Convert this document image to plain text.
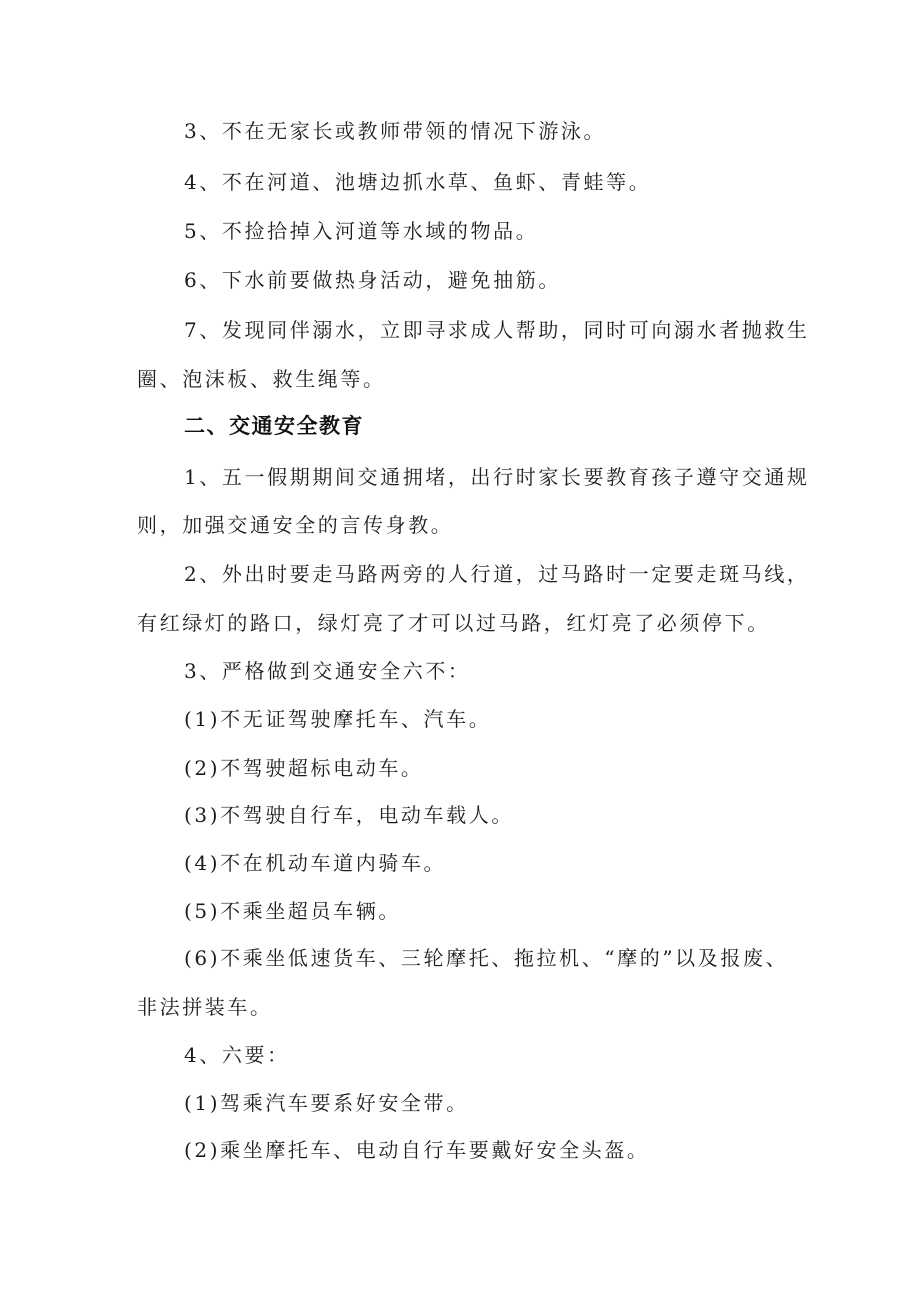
3、不在无家长或教师带领的情况下游泳。

4、不在河道、池塘边抓水草、鱼虾、青蛙等。

5、不捡拾掉入河道等水域的物品。

6、下水前要做热身活动，避免抽筋。

7、发现同伴溺水，立即寻求成人帮助，同时可向溺水者抛救生

圈、泡沫板、救生绳等。

二、交通安全教育

1、五一假期期间交通拥堵，出行时家长要教育孩子遵守交通规

则，加强交通安全的言传身教。

2、外出时要走马路两旁的人行道，过马路时一定要走斑马线，

有红绿灯的路口，绿灯亮了才可以过马路，红灯亮了必须停下。

3、严格做到交通安全六不：

(1)不无证驾驶摩托车、汽车。

(2)不驾驶超标电动车。

(3)不驾驶自行车，电动车载人。

(4)不在机动车道内骑车。

(5)不乘坐超员车辆。

(6)不乘坐低速货车、三轮摩托、拖拉机、“摩的”以及报废、

非法拼装车。

4、六要：

(1)驾乘汽车要系好安全带。

(2)乘坐摩托车、电动自行车要戴好安全头盔。
